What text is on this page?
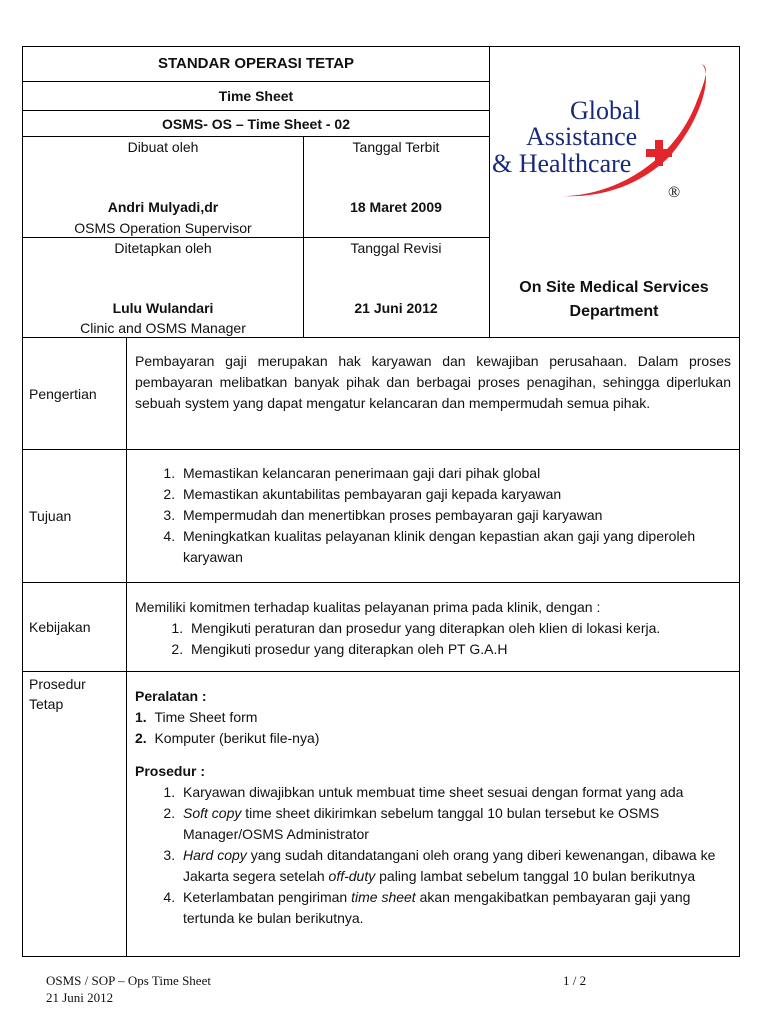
STANDAR OPERASI TETAP
Time Sheet
OSMS- OS – Time Sheet - 02
Dibuat oleh
Andri Mulyadi,dr
OSMS Operation Supervisor
Tanggal Terbit
18 Maret 2009
Ditetapkan oleh
Lulu Wulandari
Clinic and OSMS Manager
Tanggal Revisi
21 Juni 2012
On Site Medical Services
Department
Global
Assistance
& Healthcare
®
Pengertian
Pembayaran gaji merupakan hak karyawan dan kewajiban perusahaan. Dalam proses pembayaran melibatkan banyak pihak dan berbagai proses penagihan, sehingga diperlukan sebuah system yang dapat mengatur kelancaran dan mempermudah semua pihak.
Tujuan
1. Memastikan kelancaran penerimaan gaji dari pihak global
2. Memastikan akuntabilitas pembayaran gaji kepada karyawan
3. Mempermudah dan menertibkan proses pembayaran gaji karyawan
4. Meningkatkan kualitas pelayanan klinik dengan kepastian akan gaji yang diperoleh karyawan
Kebijakan
Memiliki komitmen terhadap kualitas pelayanan prima pada klinik, dengan :
1. Mengikuti peraturan dan prosedur yang diterapkan oleh klien di lokasi kerja.
2. Mengikuti prosedur yang diterapkan oleh PT G.A.H
Prosedur
Tetap	Peralatan :
1.  Time Sheet form
2.  Komputer (berikut file-nya)
Prosedur :
1. Karyawan diwajibkan untuk membuat time sheet sesuai dengan format yang ada
2. Soft copy time sheet dikirimkan sebelum tanggal 10 bulan tersebut ke OSMS Manager/OSMS Administrator
3. Hard copy yang sudah ditandatangani oleh orang yang diberi kewenangan, dibawa ke Jakarta segera setelah off-duty paling lambat sebelum tanggal 10 bulan berikutnya
4. Keterlambatan pengiriman time sheet akan mengakibatkan pembayaran gaji yang tertunda ke bulan berikutnya.
OSMS / SOP – Ops Time Sheet
21 Juni 2012
1 / 2
